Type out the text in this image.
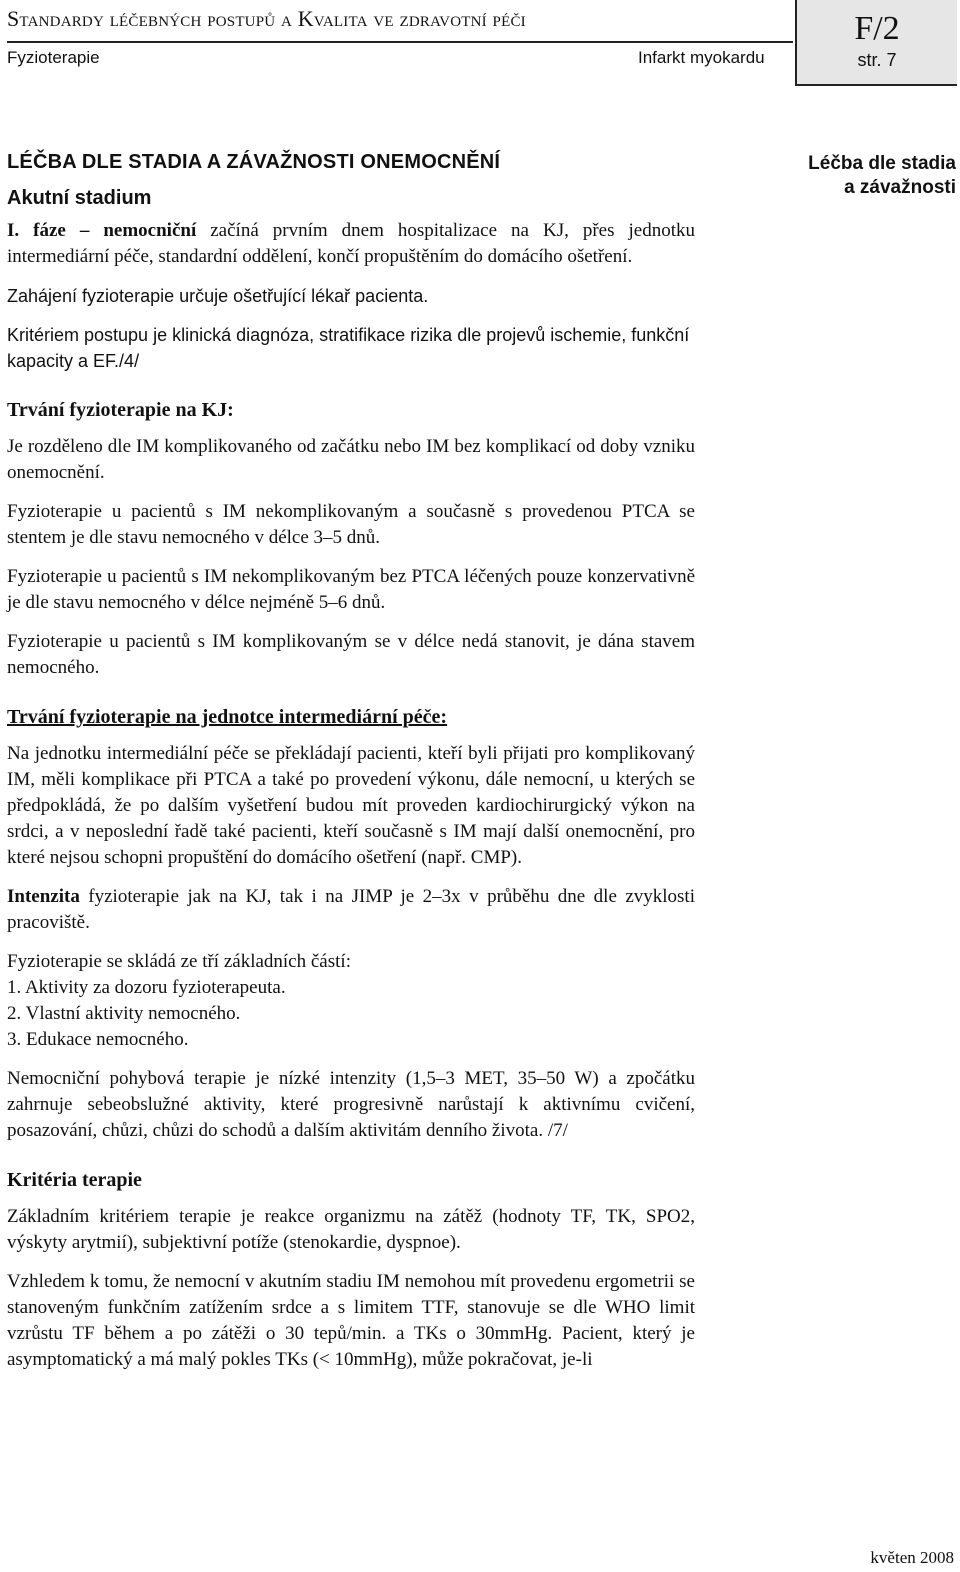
Standardy léčebných postupů a Kvalita ve zdravotní péči
Fyzioterapie	Infarkt myokardu
F/2
str. 7
Léčba dle stadia
a závažnosti
LÉČBA DLE STADIA A ZÁVAŽNOSTI ONEMOCNĚNÍ
Akutní stadium

I. fáze – nemocniční začíná prvním dnem hospitalizace na KJ, přes jednotku intermediární péče, standardní oddělení, končí propuštěním do domácího ošetření.

Zahájení fyzioterapie určuje ošetřující lékař pacienta.

Kritériem postupu je klinická diagnóza, stratifikace rizika dle projevů ischemie, funkční kapacity a EF./4/

Trvání fyzioterapie na KJ:

Je rozděleno dle IM komplikovaného od začátku nebo IM bez komplikací od doby vzniku onemocnění.

Fyzioterapie u pacientů s IM nekomplikovaným a současně s provedenou PTCA se stentem je dle stavu nemocného v délce 3–5 dnů.

Fyzioterapie u pacientů s IM nekomplikovaným bez PTCA léčených pouze konzervativně je dle stavu nemocného v délce nejméně 5–6 dnů.

Fyzioterapie u pacientů s IM komplikovaným se v délce nedá stanovit, je dána stavem nemocného.

Trvání fyzioterapie na jednotce intermediární péče:

Na jednotku intermediální péče se překládají pacienti, kteří byli přijati pro komplikovaný IM, měli komplikace při PTCA a také po provedení výkonu, dále nemocní, u kterých se předpokládá, že po dalším vyšetření budou mít proveden kardiochirurgický výkon na srdci, a v neposlední řadě také pacienti, kteří současně s IM mají další onemocnění, pro které nejsou schopni propuštění do domácího ošetření (např. CMP).

Intenzita fyzioterapie jak na KJ, tak i na JIMP je 2–3x v průběhu dne dle zvyklosti pracoviště.

Fyzioterapie se skládá ze tří základních částí:

1. Aktivity za dozoru fyzioterapeuta.
2. Vlastní aktivity nemocného.
3. Edukace nemocného.

Nemocniční pohybová terapie je nízké intenzity (1,5–3 MET, 35–50 W) a zpočátku zahrnuje sebeobslužné aktivity, které progresivně narůstají k aktivnímu cvičení, posazování, chůzi, chůzi do schodů a dalším aktivitám denního života. /7/

Kritéria terapie

Základním kritériem terapie je reakce organizmu na zátěž (hodnoty TF, TK, SPO2, výskyty arytmií), subjektivní potíže (stenokardie, dyspnoe).

Vzhledem k tomu, že nemocní v akutním stadiu IM nemohou mít provedenu ergometrii se stanoveným funkčním zatížením srdce a s limitem TTF, stanovuje se dle WHO limit vzrůstu TF během a po zátěži o 30 tepů/min. a TKs o 30mmHg. Pacient, který je asymptomatický a má malý pokles TKs (< 10mmHg), může pokračovat, je-li

květen 2008
